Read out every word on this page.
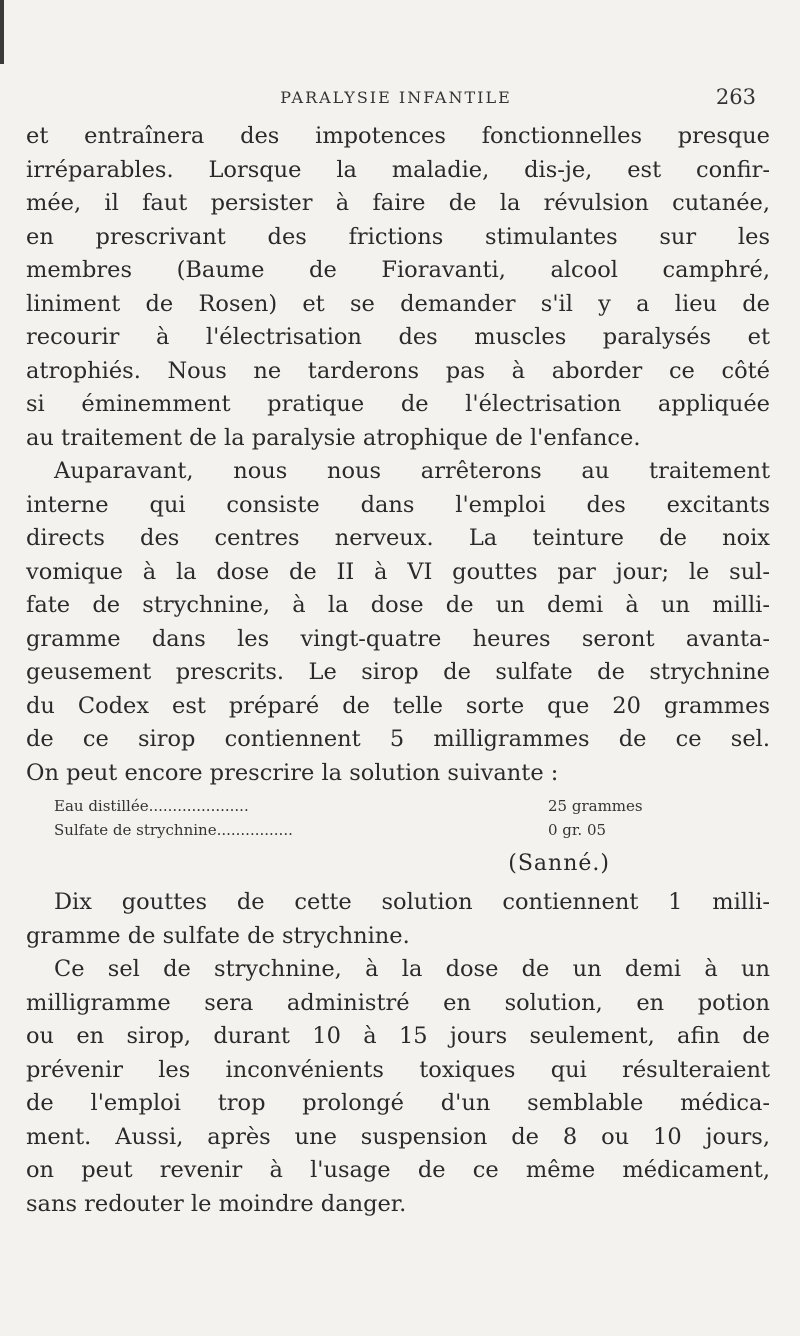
PARALYSIE INFANTILE	263
et entraînera des impotences fonctionnelles presque
irréparables. Lorsque la maladie, dis-je, est confir-
mée, il faut persister à faire de la révulsion cutanée,
en prescrivant des frictions stimulantes sur les
membres (Baume de Fioravanti, alcool camphré,
liniment de Rosen) et se demander s'il y a lieu de
recourir à l'électrisation des muscles paralysés et
atrophiés. Nous ne tarderons pas à aborder ce côté
si éminemment pratique de l'électrisation appliquée
au traitement de la paralysie atrophique de l'enfance.
Auparavant, nous nous arrêterons au traitement
interne qui consiste dans l'emploi des excitants
directs des centres nerveux. La teinture de noix
vomique à la dose de II à VI gouttes par jour; le sul-
fate de strychnine, à la dose de un demi à un milli-
gramme dans les vingt-quatre heures seront avanta-
geusement prescrits. Le sirop de sulfate de strychnine
du Codex est préparé de telle sorte que 20 grammes
de ce sirop contiennent 5 milligrammes de ce sel.
On peut encore prescrire la solution suivante :
Eau distillée.....................	25 grammes
Sulfate de strychnine................	0 gr. 05
(Sanné.)
Dix gouttes de cette solution contiennent 1 milli-
gramme de sulfate de strychnine.
Ce sel de strychnine, à la dose de un demi à un
milligramme sera administré en solution, en potion
ou en sirop, durant 10 à 15 jours seulement, afin de
prévenir les inconvénients toxiques qui résulteraient
de l'emploi trop prolongé d'un semblable médica-
ment. Aussi, après une suspension de 8 ou 10 jours,
on peut revenir à l'usage de ce même médicament,
sans redouter le moindre danger.
